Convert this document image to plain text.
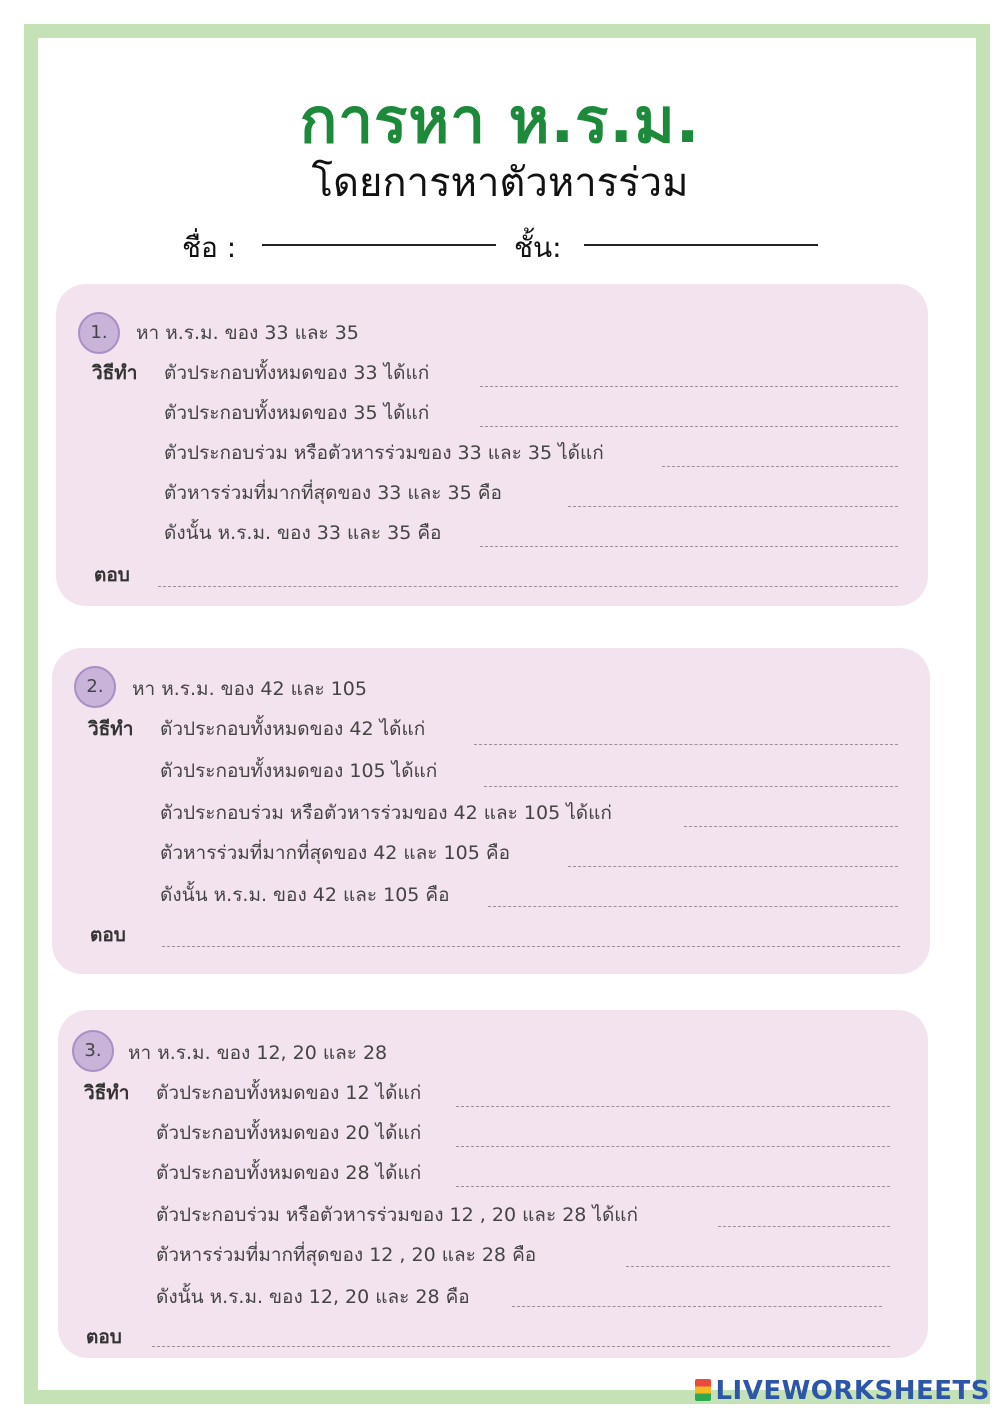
การหา ห.ร.ม.
โดยการหาตัวหารร่วม
ชื่อ :	ชั้น:
1.	หา ห.ร.ม. ของ 33 และ 35
วิธีทำ ตัวประกอบทั้งหมดของ 33 ได้แก่
ตัวประกอบทั้งหมดของ 35 ได้แก่
ตัวประกอบร่วม หรือตัวหารร่วมของ 33 และ 35 ได้แก่
ตัวหารร่วมที่มากที่สุดของ 33 และ 35 คือ
ดังนั้น ห.ร.ม. ของ 33 และ 35 คือ
ตอบ
2.	หา ห.ร.ม. ของ 42 และ 105
วิธีทำ ตัวประกอบทั้งหมดของ 42 ได้แก่
ตัวประกอบทั้งหมดของ 105 ได้แก่
ตัวประกอบร่วม หรือตัวหารร่วมของ 42 และ 105 ได้แก่
ตัวหารร่วมที่มากที่สุดของ 42 และ 105 คือ
ดังนั้น ห.ร.ม. ของ 42 และ 105 คือ
ตอบ
3.	หา ห.ร.ม. ของ 12, 20 และ 28
วิธีทำ ตัวประกอบทั้งหมดของ 12 ได้แก่
ตัวประกอบทั้งหมดของ 20 ได้แก่
ตัวประกอบทั้งหมดของ 28 ได้แก่
ตัวประกอบร่วม หรือตัวหารร่วมของ 12 , 20 และ 28 ได้แก่
ตัวหารร่วมที่มากที่สุดของ 12 , 20 และ 28 คือ
ดังนั้น ห.ร.ม. ของ 12, 20 และ 28 คือ
ตอบ
LIVEWORKSHEETS
